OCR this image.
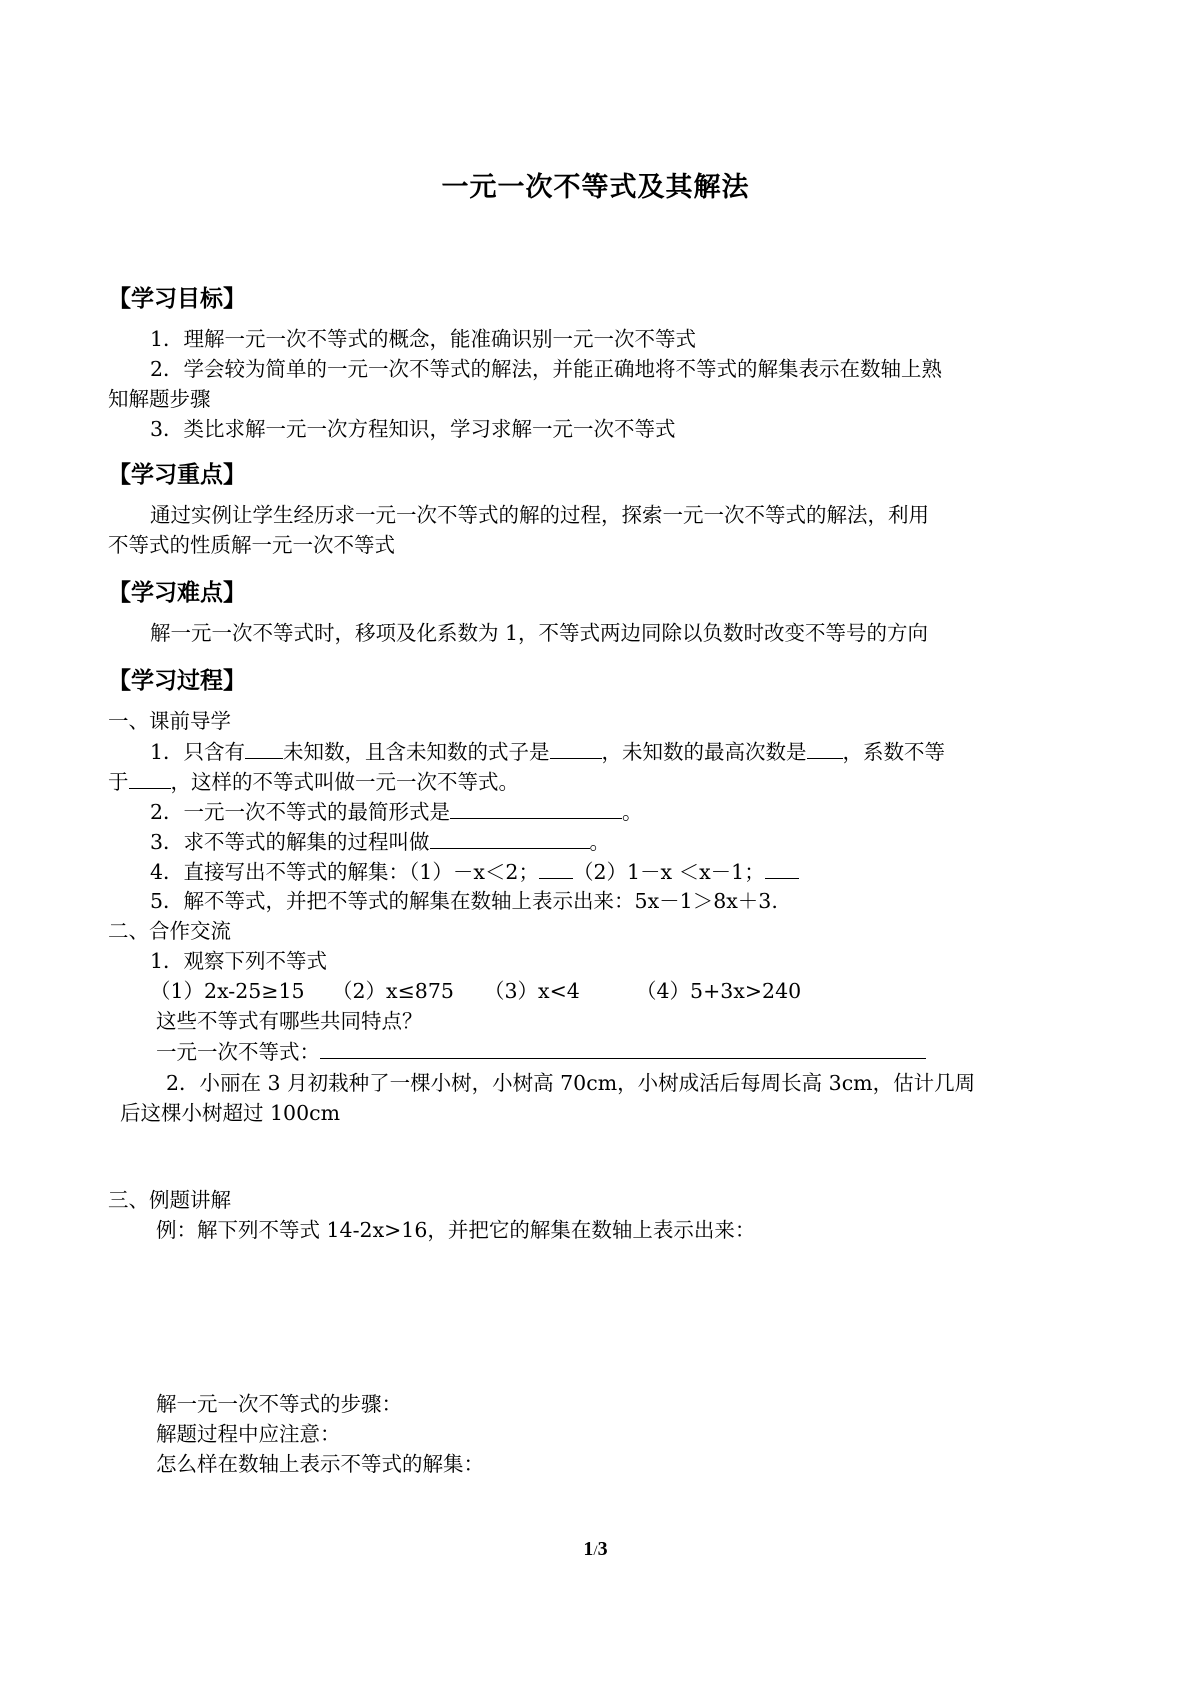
一元一次不等式及其解法
【学习目标】
1．理解一元一次不等式的概念，能准确识别一元一次不等式
2．学会较为简单的一元一次不等式的解法，并能正确地将不等式的解集表示在数轴上熟
知解题步骤
3．类比求解一元一次方程知识，学习求解一元一次不等式
【学习重点】
通过实例让学生经历求一元一次不等式的解的过程，探索一元一次不等式的解法，利用
不等式的性质解一元一次不等式
【学习难点】
解一元一次不等式时，移项及化系数为 1，不等式两边同除以负数时改变不等号的方向
【学习过程】
一、课前导学
1．只含有 未知数，且含未知数的式子是	，未知数的最高次数是 ，系数不等
于 ，这样的不等式叫做一元一次不等式。
2．一元一次不等式的最简形式是	。
3．求不等式的解集的过程叫做	。
4．直接写出不等式的解集：（1）－x＜2； （2）1－x ＜x－1；
5．解不等式，并把不等式的解集在数轴上表示出来：5x－1＞8x＋3.
二、合作交流
1．观察下列不等式
（1）2x-25≥15 （2）x≤875 （3）x<4	（4）5+3x>240
这些不等式有哪些共同特点？
一元一次不等式：
2．小丽在 3 月初栽种了一棵小树，小树高 70cm，小树成活后每周长高 3cm，估计几周
后这棵小树超过 100cm
三、例题讲解
例：解下列不等式 14-2x>16，并把它的解集在数轴上表示出来：
解一元一次不等式的步骤：
解题过程中应注意：
怎么样在数轴上表示不等式的解集：
1/3
